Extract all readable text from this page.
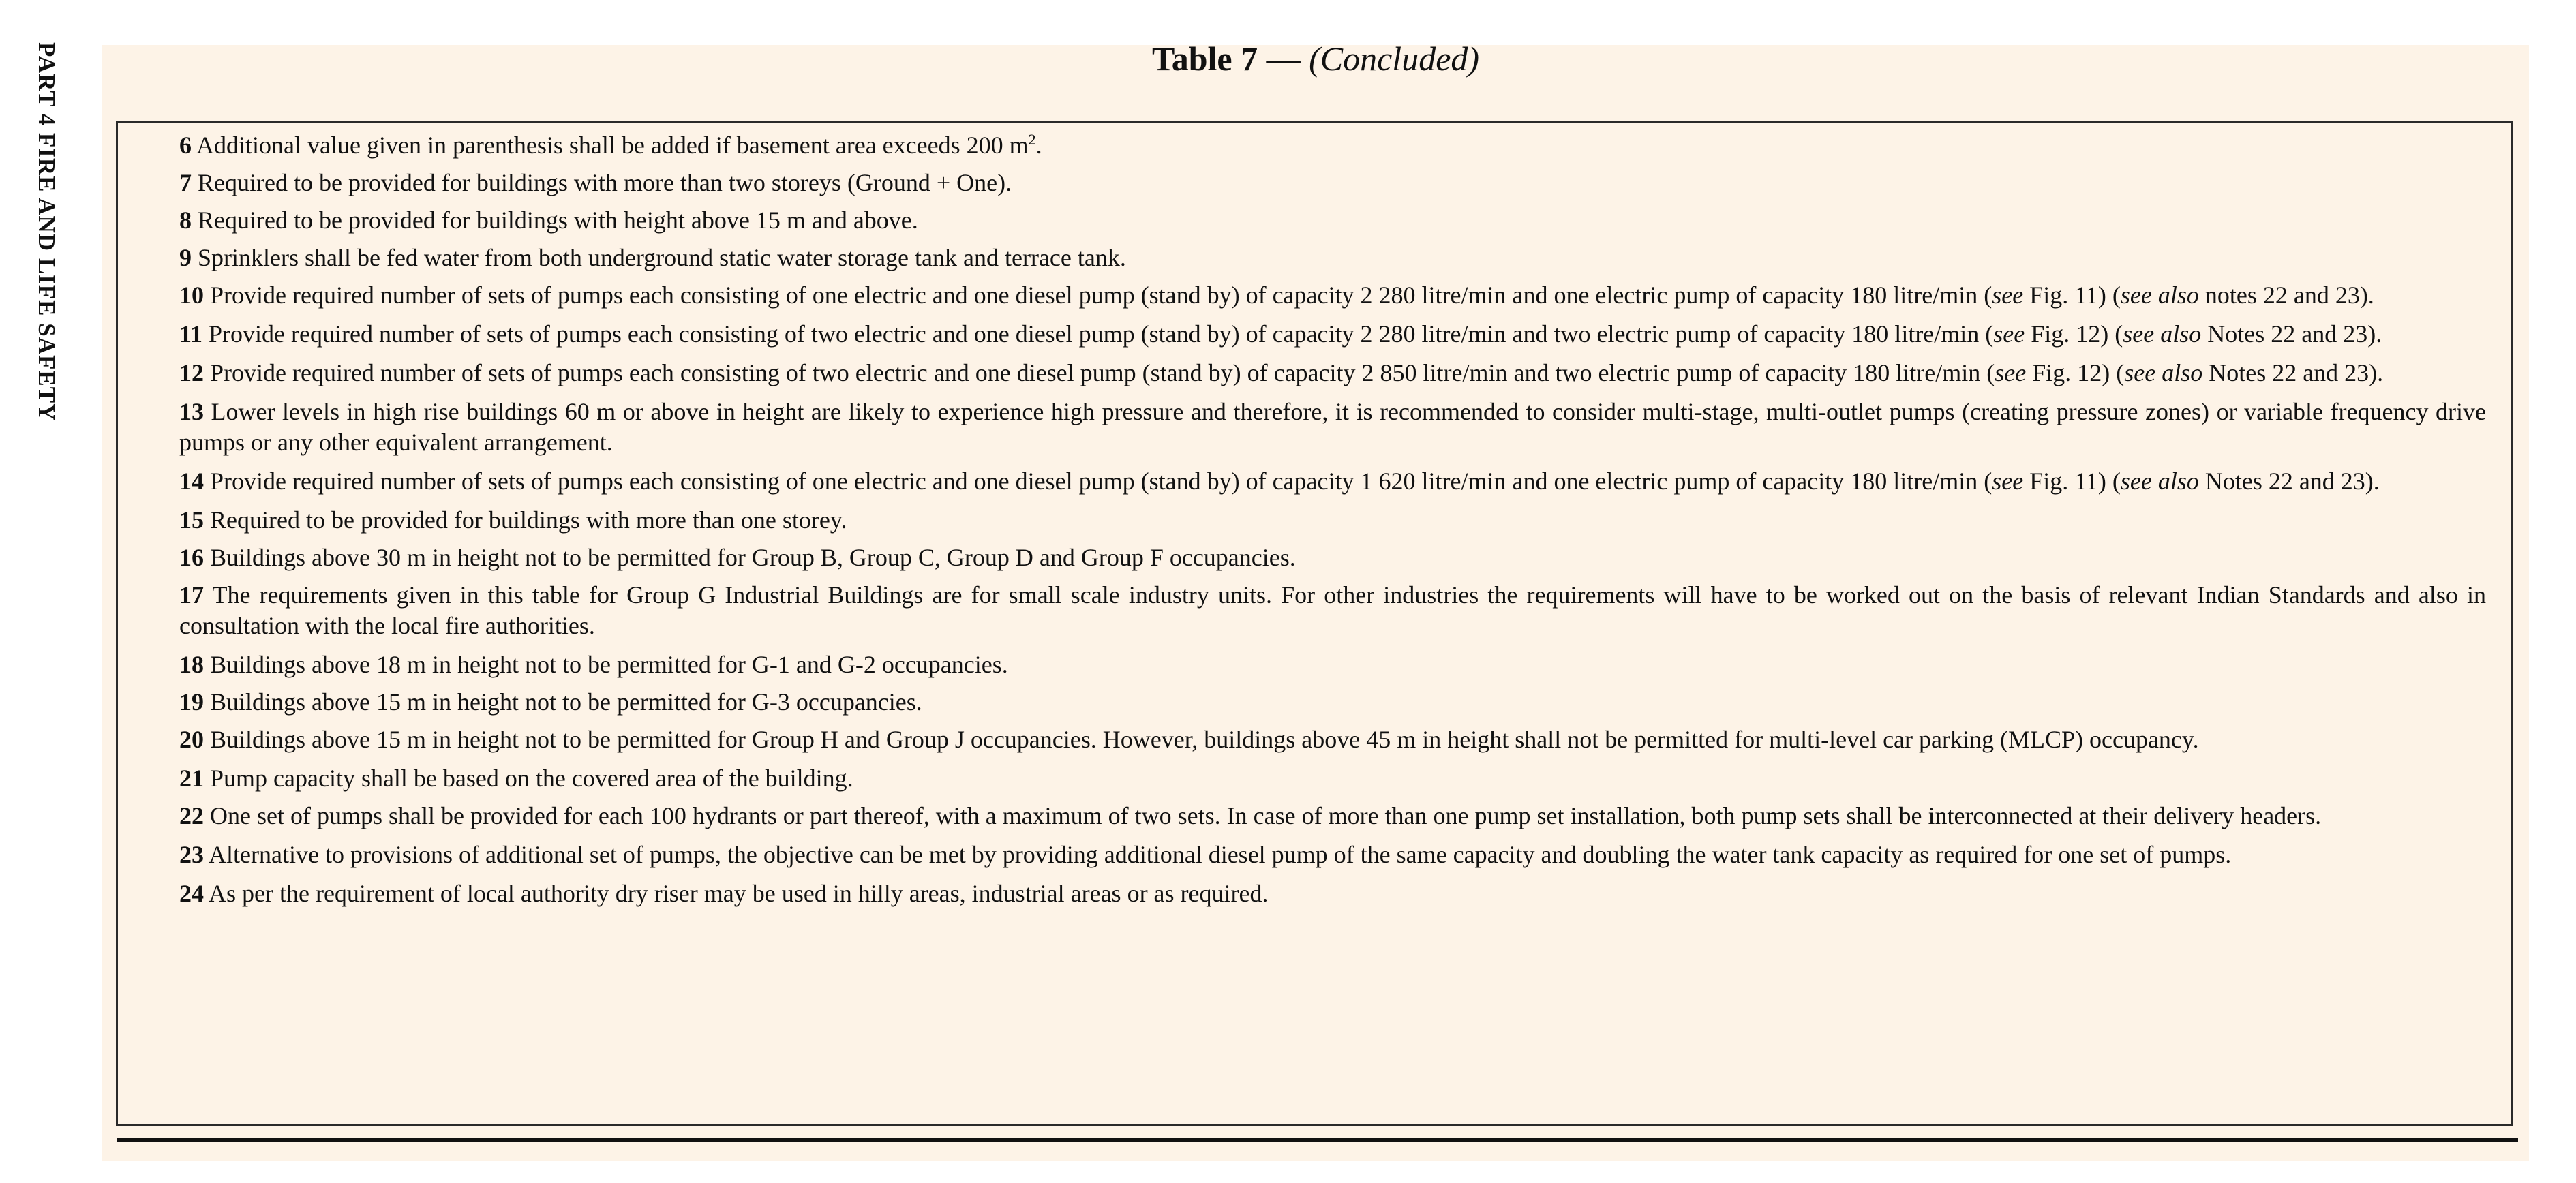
PART 4 FIRE AND LIFE SAFETY	Table 7 — (Concluded)
6 Additional value given in parenthesis shall be added if basement area exceeds 200 $m^2$.
7 Required to be provided for buildings with more than two storeys (Ground + One).
8 Required to be provided for buildings with height above 15 m and above.
9 Sprinklers shall be fed water from both underground static water storage tank and terrace tank.
10 Provide required number of sets of pumps each consisting of one electric and one diesel pump (stand by) of capacity 2 280 litre/min and one electric pump of capacity 180 litre/min (see Fig. 11) (see also notes 22 and 23).
11 Provide required number of sets of pumps each consisting of two electric and one diesel pump (stand by) of capacity 2 280 litre/min and two electric pump of capacity 180 litre/min (see Fig. 12) (see also Notes 22 and 23).
12 Provide required number of sets of pumps each consisting of two electric and one diesel pump (stand by) of capacity 2 850 litre/min and two electric pump of capacity 180 litre/min (see Fig. 12) (see also Notes 22 and 23).
13 Lower levels in high rise buildings 60 m or above in height are likely to experience high pressure and therefore, it is recommended to consider multi-stage, multi-outlet pumps (creating pressure zones) or variable frequency drive pumps or any other equivalent arrangement.
14 Provide required number of sets of pumps each consisting of one electric and one diesel pump (stand by) of capacity 1 620 litre/min and one electric pump of capacity 180 litre/min (see Fig. 11) (see also Notes 22 and 23).
15 Required to be provided for buildings with more than one storey.
16 Buildings above 30 m in height not to be permitted for Group B, Group C, Group D and Group F occupancies.
17 The requirements given in this table for Group G Industrial Buildings are for small scale industry units. For other industries the requirements will have to be worked out on the basis of relevant Indian Standards and also in consultation with the local fire authorities.
18 Buildings above 18 m in height not to be permitted for G-1 and G-2 occupancies.
19 Buildings above 15 m in height not to be permitted for G-3 occupancies.
20 Buildings above 15 m in height not to be permitted for Group H and Group J occupancies. However, buildings above 45 m in height shall not be permitted for multi-level car parking (MLCP) occupancy.
21 Pump capacity shall be based on the covered area of the building.
22 One set of pumps shall be provided for each 100 hydrants or part thereof, with a maximum of two sets. In case of more than one pump set installation, both pump sets shall be interconnected at their delivery headers.
23 Alternative to provisions of additional set of pumps, the objective can be met by providing additional diesel pump of the same capacity and doubling the water tank capacity as required for one set of pumps.
24 As per the requirement of local authority dry riser may be used in hilly areas, industrial areas or as required.
